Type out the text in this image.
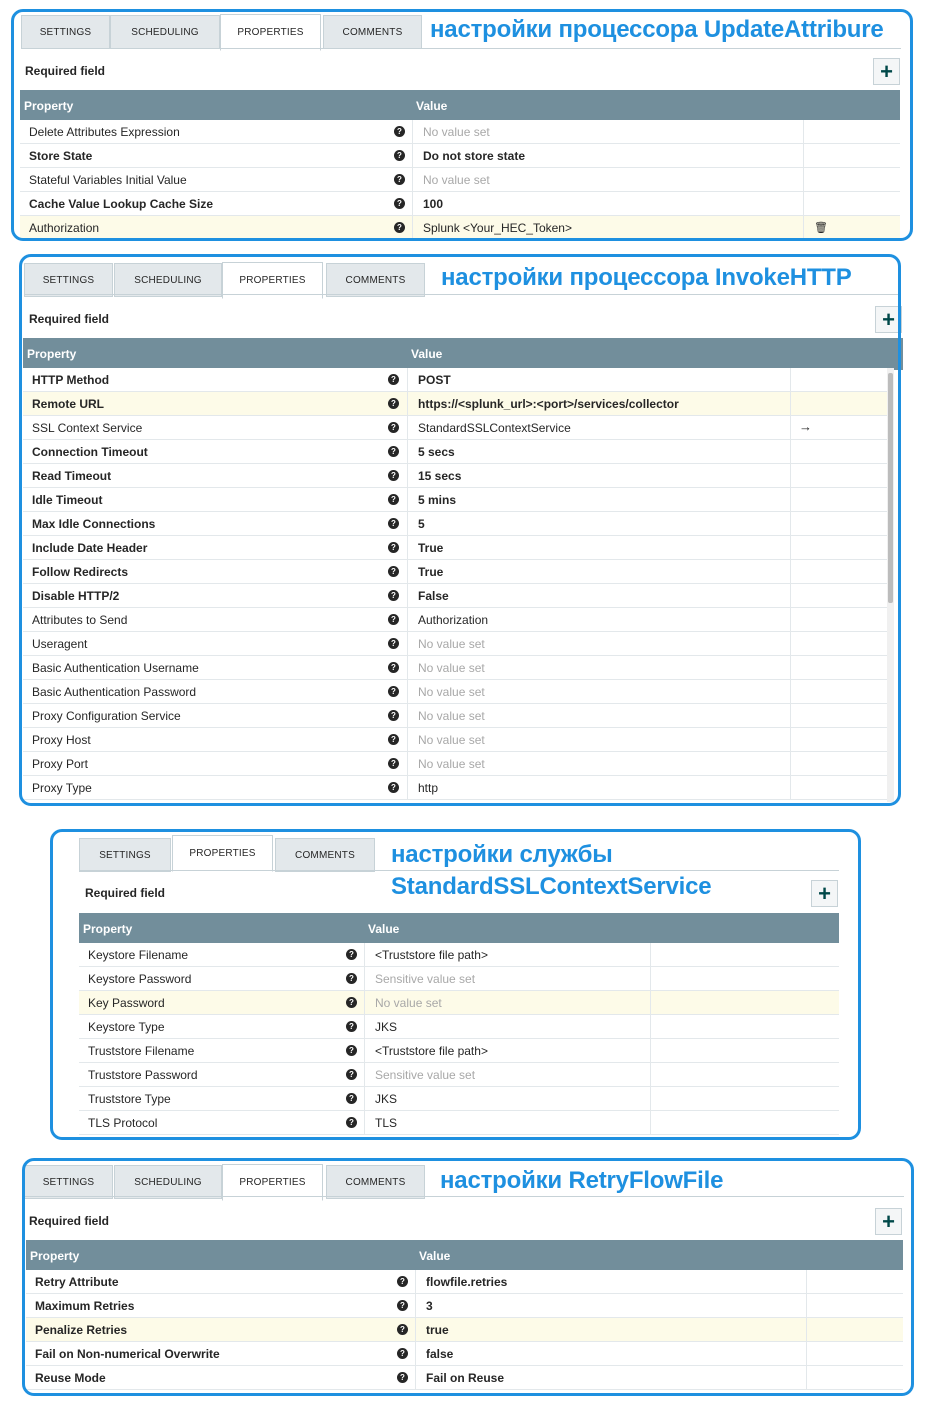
SETTINGS	SCHEDULING	PROPERTIES	COMMENTS	настройки процессора UpdateAttribure
Required field	+
Property	Value
Delete Attributes Expression	? No value set
Store State	? Do not store state
Stateful Variables Initial Value	? No value set
Cache Value Lookup Cache Size	? 100
Authorization	? Splunk <Your_HEC_Token>	🗑
SETTINGS	SCHEDULING	PROPERTIES	COMMENTS	настройки процессора InvokeHTTP
Required field	+
Property	Value
HTTP Method	? POST
Remote URL	? https://<splunk_url>:<port>/services/collector
SSL Context Service	? StandardSSLContextService	→
Connection Timeout	? 5 secs
Read Timeout	? 15 secs
Idle Timeout	? 5 mins
Max Idle Connections	? 5
Include Date Header	? True
Follow Redirects	? True
Disable HTTP/2	? False
Attributes to Send	? Authorization
Useragent	? No value set
Basic Authentication Username	? No value set
Basic Authentication Password	? No value set
Proxy Configuration Service	? No value set
Proxy Host	? No value set
Proxy Port	? No value set
Proxy Type	? http
SETTINGS	PROPERTIES	COMMENTS	настройки службы
StandardSSLContextService
Required field	+
Property	Value
Keystore Filename	? <Truststore file path>
Keystore Password	? Sensitive value set
Key Password	? No value set
Keystore Type	? JKS
Truststore Filename	? <Truststore file path>
Truststore Password	? Sensitive value set
Truststore Type	? JKS
TLS Protocol	? TLS
SETTINGS	SCHEDULING	PROPERTIES	COMMENTS	настройки RetryFlowFile
Required field	+
Property	Value
Retry Attribute	? flowfile.retries
Maximum Retries	? 3
Penalize Retries	? true
Fail on Non-numerical Overwrite	? false
Reuse Mode	? Fail on Reuse
